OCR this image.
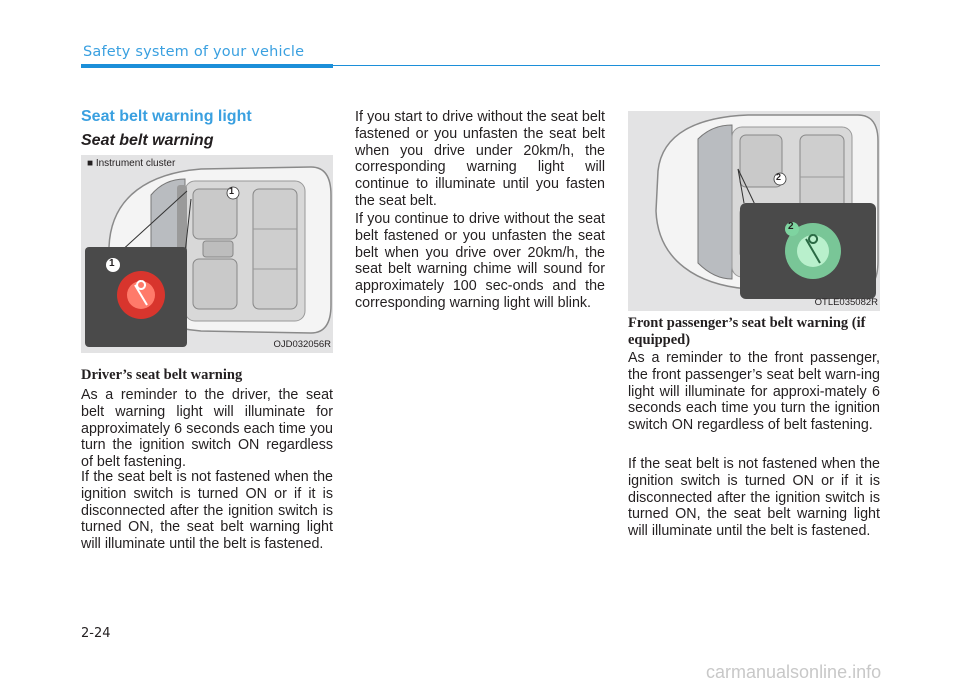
Safety system of your vehicle
Seat belt warning light
Seat belt warning
■ Instrument cluster
1
1
OJD032056R
Driver’s seat belt warning

As a reminder to the driver, the seat belt warning light will illuminate for approximately 6 seconds each time you turn the ignition switch ON regardless of belt fastening.

If the seat belt is not fastened when the ignition switch is turned ON or if it is disconnected after the ignition switch is turned ON, the seat belt warning light will illuminate until the belt is fastened.

If you start to drive without the seat belt fastened or you unfasten the seat belt when you drive under 20km/h, the corresponding warning light will continue to illuminate until you fasten the seat belt.

If you continue to drive without the seat belt fastened or you unfasten the seat belt when you drive over 20km/h, the seat belt warning chime will sound for approximately 100 sec-onds and the corresponding warning light will blink.

2
2
OTLE035082R
Front passenger’s seat belt warning (if equipped)

As a reminder to the front passenger, the front passenger’s seat belt warn-ing light will illuminate for approxi-mately 6 seconds each time you turn the ignition switch ON regardless of belt fastening.

If the seat belt is not fastened when the ignition switch is turned ON or if it is disconnected after the ignition switch is turned ON, the seat belt warning light will illuminate until the belt is fastened.

2-24
carmanualsonline.info
